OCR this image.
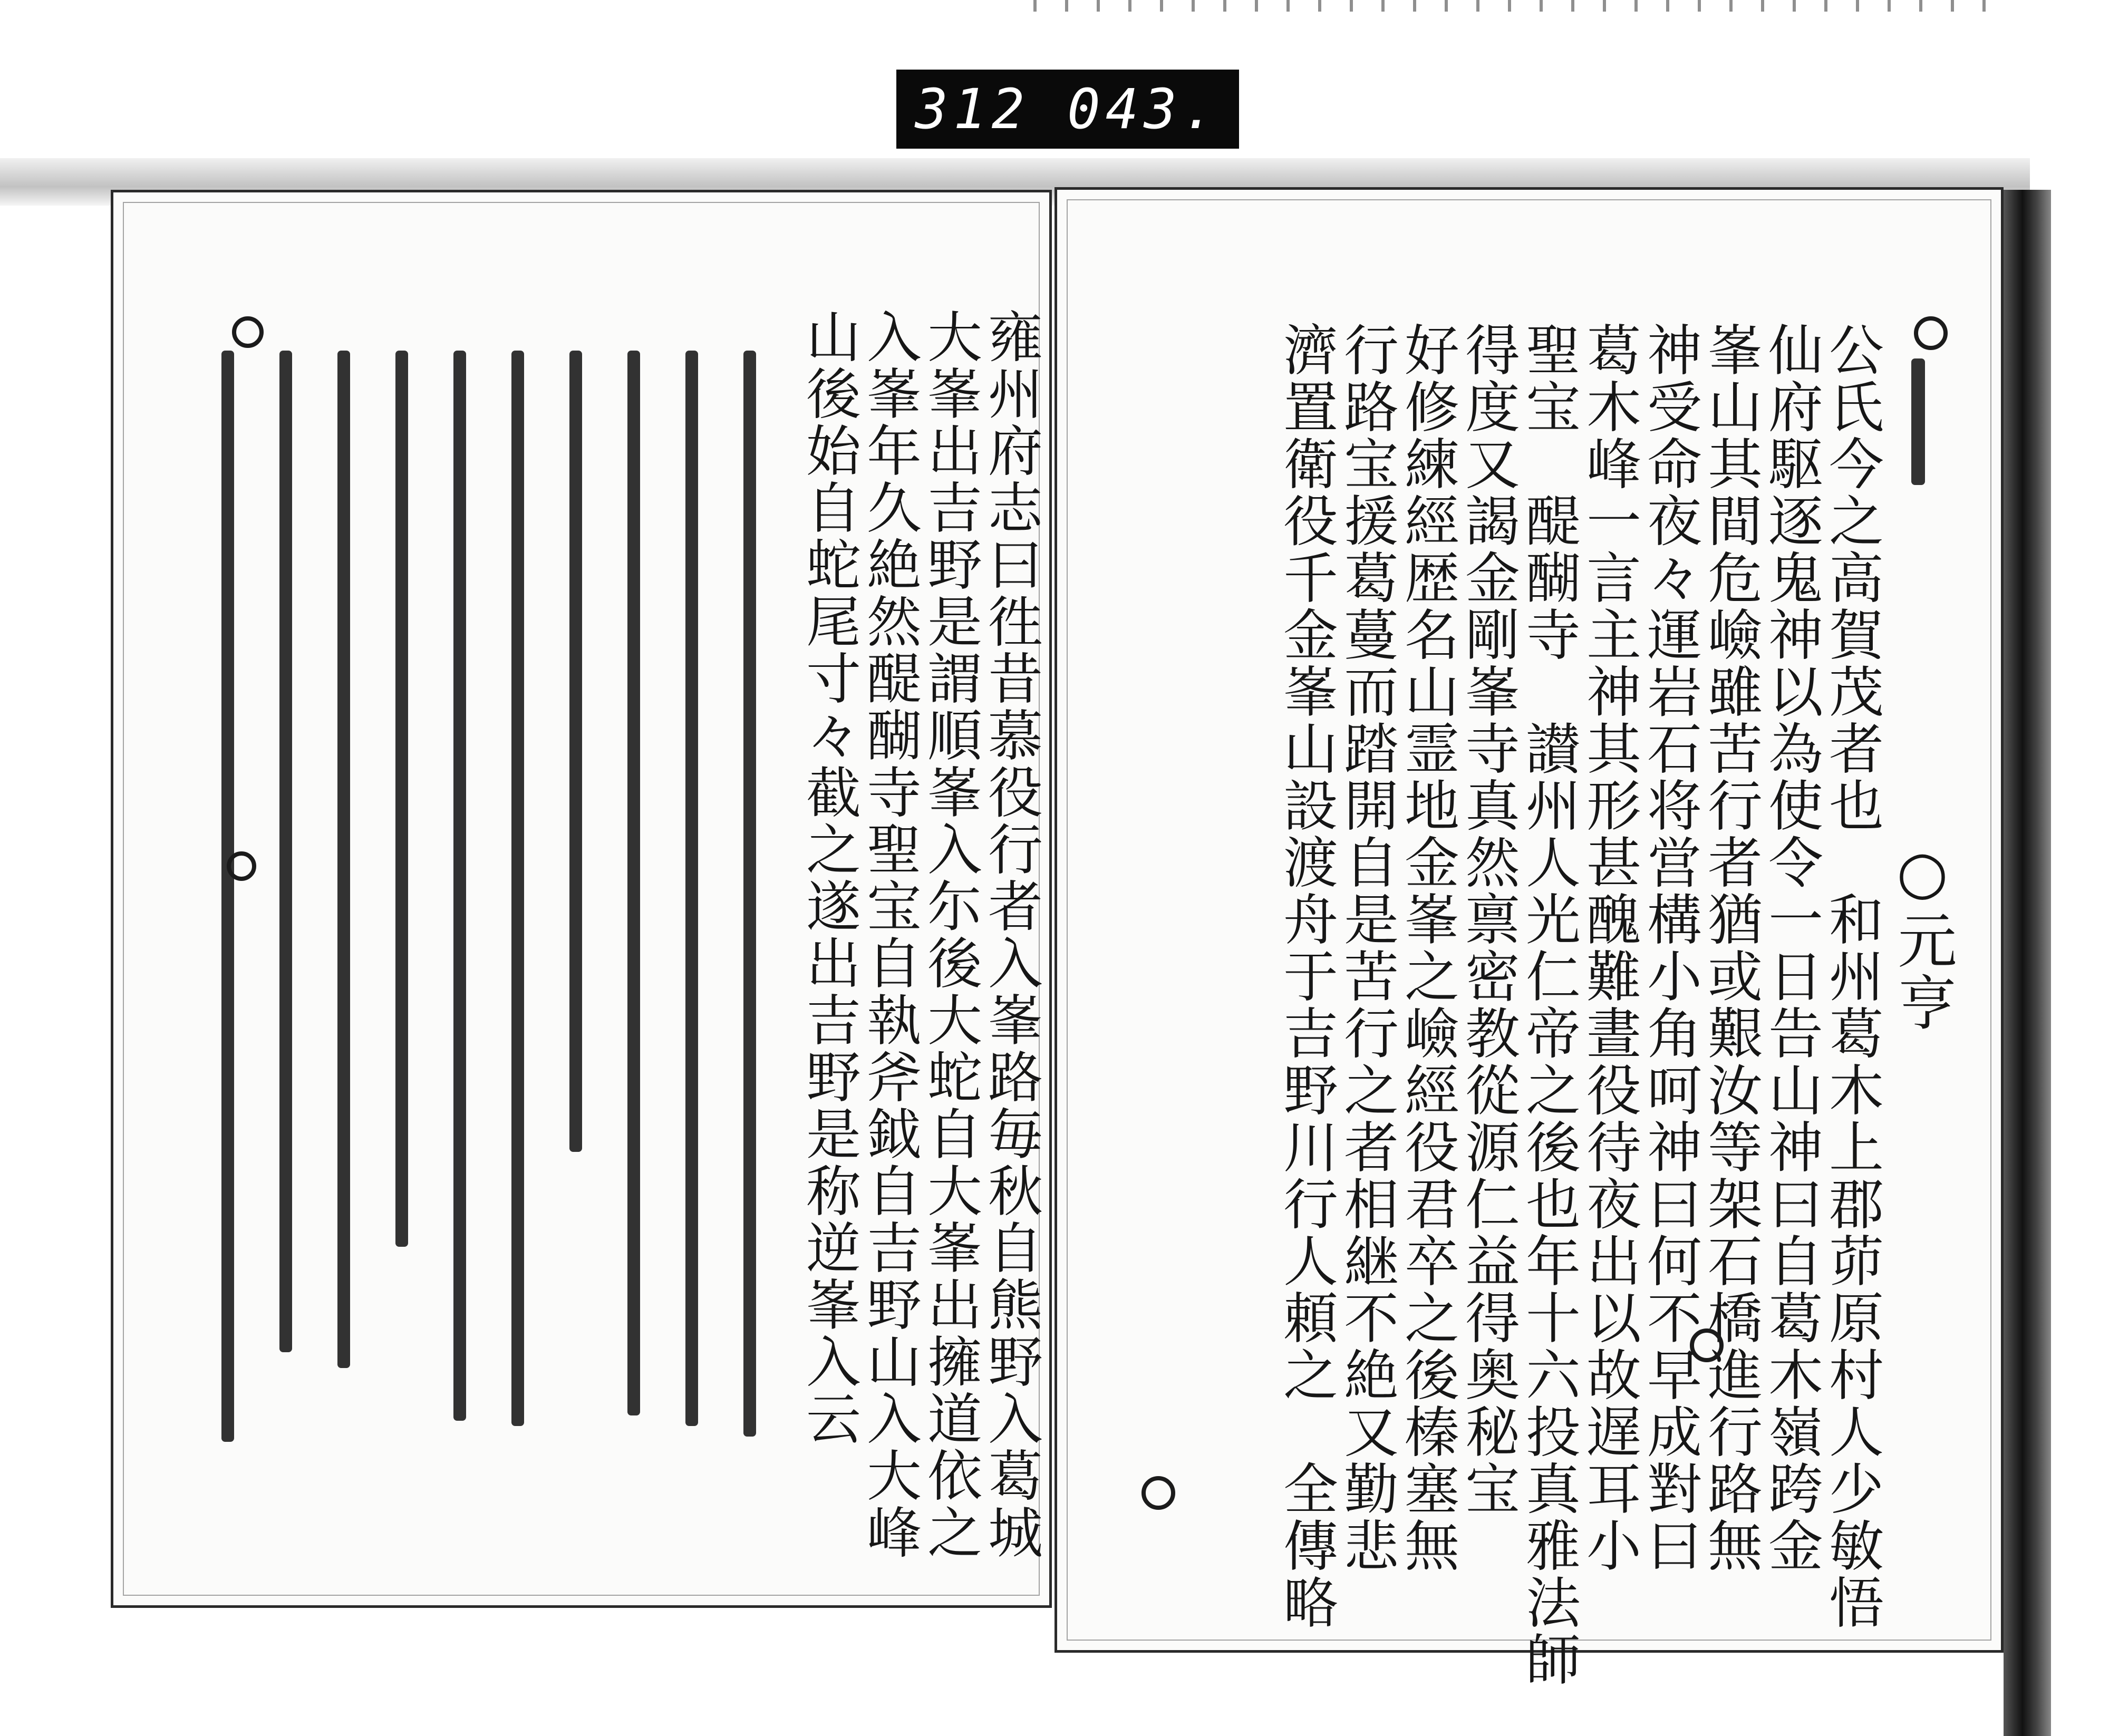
312 043.
雍州府志曰徃昔慕役行者入峯路毎秋自熊野入葛城
大峯出吉野是謂順峯入尓後大蛇自大峯出擁道依之
入峯年久絶然醍醐寺聖宝自執斧鉞自吉野山入大峰
山後始自蛇尾寸々截之遂出吉野是称逆峯入云	○元亨
公氏今之高賀茂者也　和州葛木上郡茆原村人少敏悟
仙府駆逐鬼神以為使令一日告山神曰自葛木嶺跨金
峯山其間危嶮雖苦行者猶或艱汝等架石橋進行路無
神受命夜々運岩石将営構小角呵神曰何不早成對曰
葛木峰一言主神其形甚醜難晝役待夜出以故遅耳小
聖宝　醍醐寺　讃州人光仁帝之後也年十六投真雅法師
得度又謁金剛峯寺真然禀密教從源仁益得奥秘宝
好修練經歴名山霊地金峯之嶮經役君卒之後榛塞無
行路宝援葛蔓而踏開自是苦行之者相継不絶又勤悲
濟置衛役千金峯山設渡舟于吉野川行人頼之　全傳略
